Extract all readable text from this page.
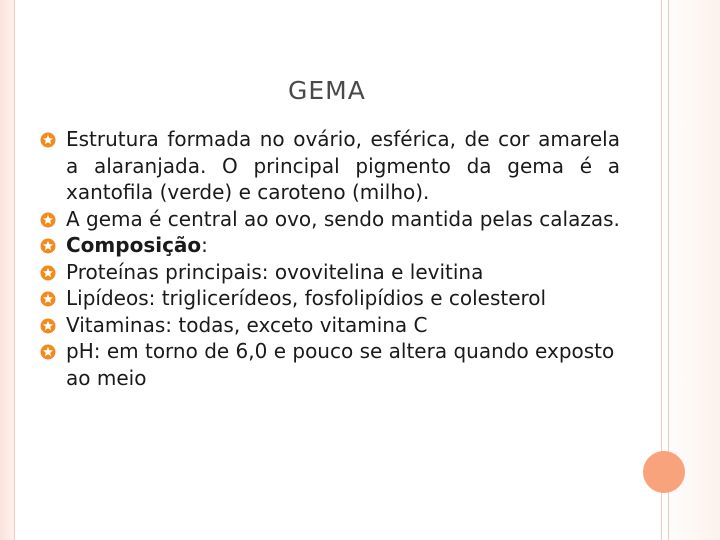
GEMA
Estrutura formada no ovário, esférica, de cor amarela a alaranjada. O principal pigmento da gema é a xantofila (verde) e caroteno (milho).
A gema é central ao ovo, sendo mantida pelas calazas.
Composição:
Proteínas principais: ovovitelina e levitina
Lipídeos: triglicerídeos, fosfolipídios e colesterol
Vitaminas: todas, exceto vitamina C
pH: em torno de 6,0 e pouco se altera quando exposto ao meio
